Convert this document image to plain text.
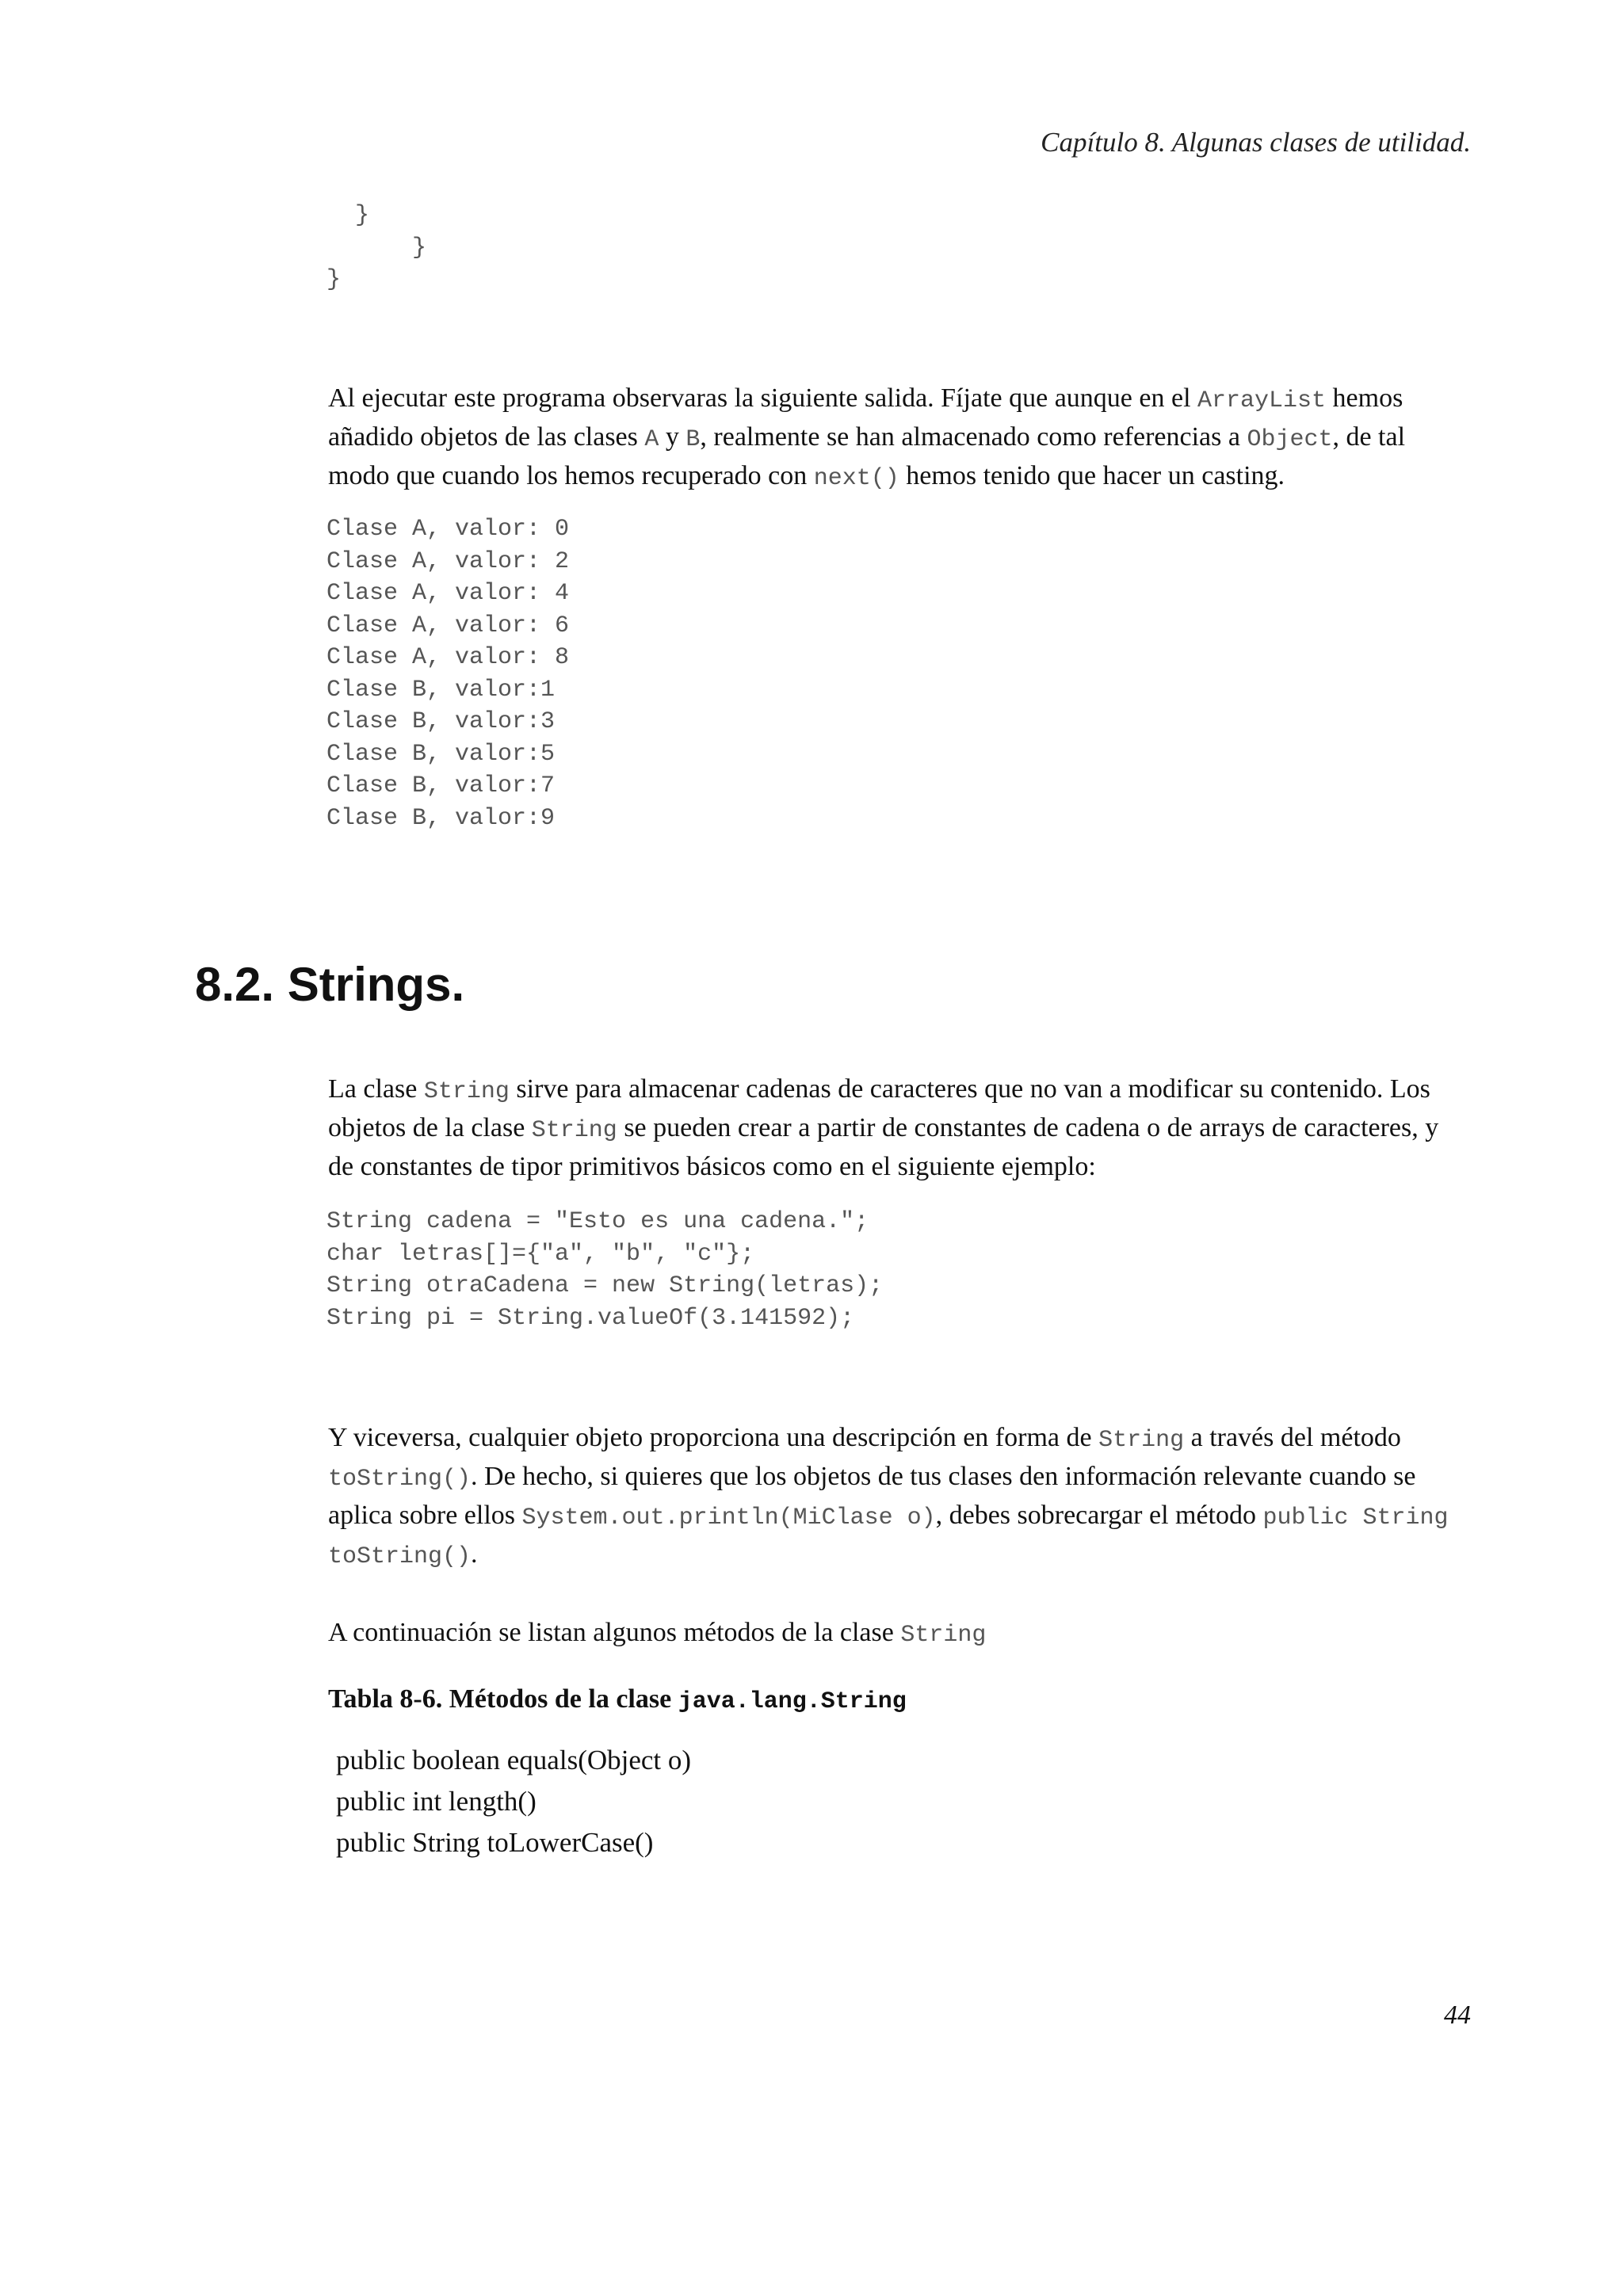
Capítulo 8. Algunas clases de utilidad.
}
}
}
Al ejecutar este programa observaras la siguiente salida. Fíjate que aunque en el ArrayList hemos añadido objetos de las clases A y B, realmente se han almacenado como referencias a Object, de tal modo que cuando los hemos recuperado con next() hemos tenido que hacer un casting.
Clase A, valor: 0
Clase A, valor: 2
Clase A, valor: 4
Clase A, valor: 6
Clase A, valor: 8
Clase B, valor:1
Clase B, valor:3
Clase B, valor:5
Clase B, valor:7
Clase B, valor:9
8.2. Strings.
La clase String sirve para almacenar cadenas de caracteres que no van a modificar su contenido. Los objetos de la clase String se pueden crear a partir de constantes de cadena o de arrays de caracteres, y de constantes de tipor primitivos básicos como en el siguiente ejemplo:
String cadena = "Esto es una cadena.";
char letras[]={"a", "b", "c"};
String otraCadena = new String(letras);
String pi = String.valueOf(3.141592);
Y viceversa, cualquier objeto proporciona una descripción en forma de String a través del método toString(). De hecho, si quieres que los objetos de tus clases den información relevante cuando se aplica sobre ellos System.out.println(MiClase o), debes sobrecargar el método public String toString().
A continuación se listan algunos métodos de la clase String
Tabla 8-6. Métodos de la clase java.lang.String
public boolean equals(Object o)
public int length()
public String toLowerCase()
44
